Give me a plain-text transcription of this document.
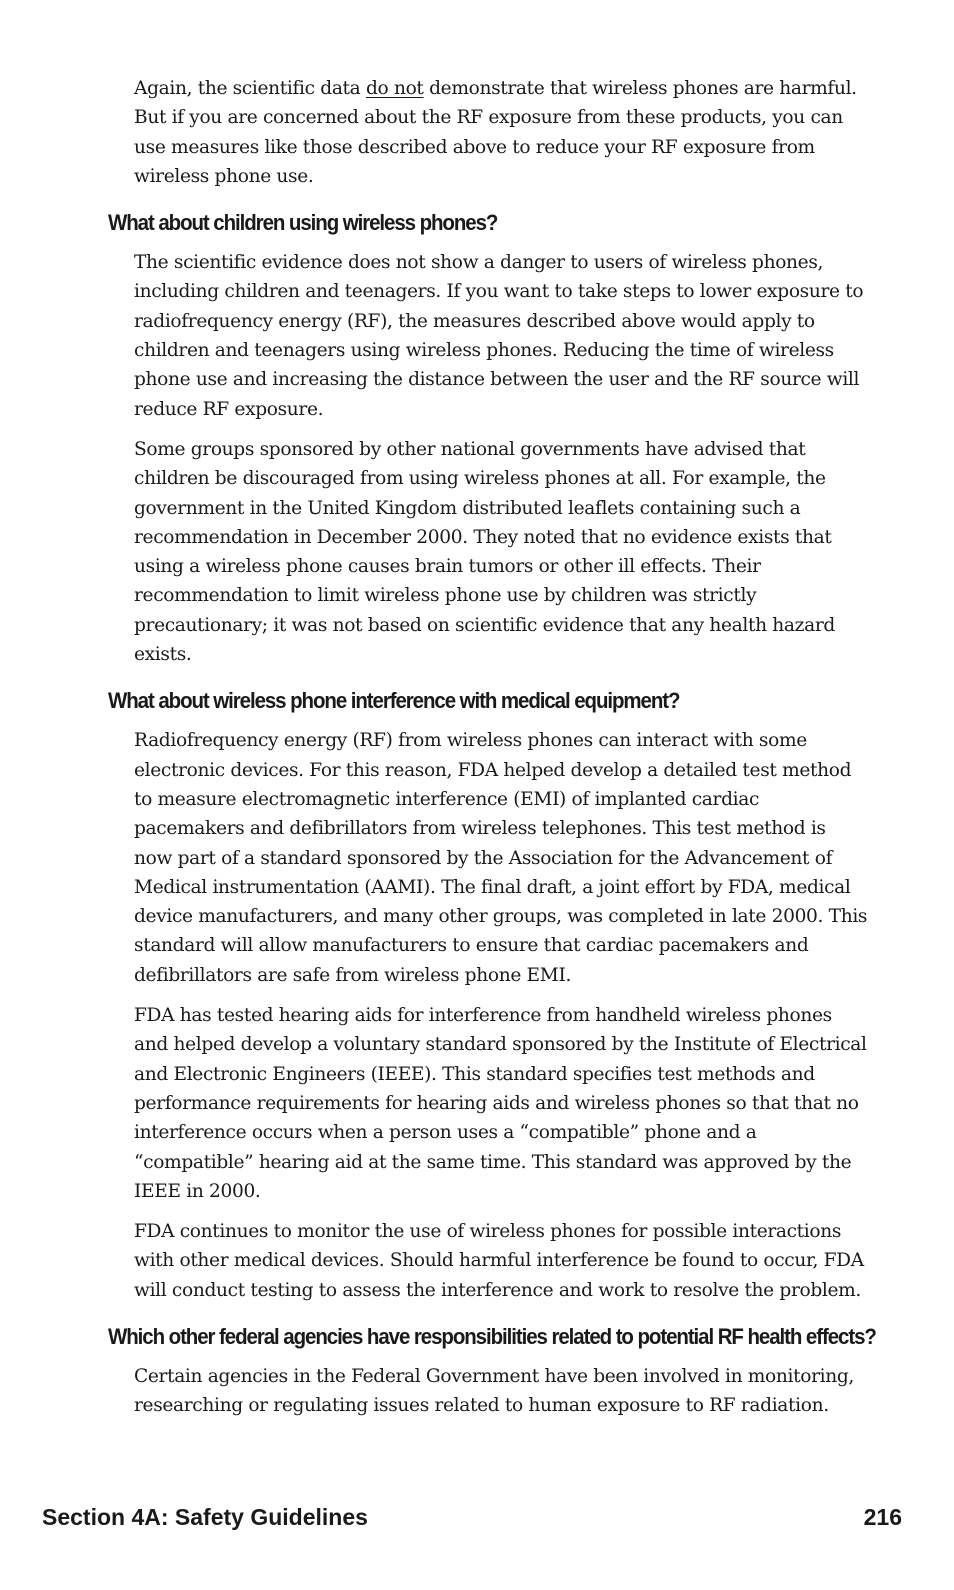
Again, the scientific data do not demonstrate that wireless phones are harmful. But if you are concerned about the RF exposure from these products, you can use measures like those described above to reduce your RF exposure from wireless phone use.

What about children using wireless phones?

The scientific evidence does not show a danger to users of wireless phones, including children and teenagers. If you want to take steps to lower exposure to radiofrequency energy (RF), the measures described above would apply to children and teenagers using wireless phones. Reducing the time of wireless phone use and increasing the distance between the user and the RF source will reduce RF exposure.

Some groups sponsored by other national governments have advised that children be discouraged from using wireless phones at all. For example, the government in the United Kingdom distributed leaflets containing such a recommendation in December 2000. They noted that no evidence exists that using a wireless phone causes brain tumors or other ill effects. Their recommendation to limit wireless phone use by children was strictly precautionary; it was not based on scientific evidence that any health hazard exists.

What about wireless phone interference with medical equipment?

Radiofrequency energy (RF) from wireless phones can interact with some electronic devices. For this reason, FDA helped develop a detailed test method to measure electromagnetic interference (EMI) of implanted cardiac pacemakers and defibrillators from wireless telephones. This test method is now part of a standard sponsored by the Association for the Advancement of Medical instrumentation (AAMI). The final draft, a joint effort by FDA, medical device manufacturers, and many other groups, was completed in late 2000. This standard will allow manufacturers to ensure that cardiac pacemakers and defibrillators are safe from wireless phone EMI.

FDA has tested hearing aids for interference from handheld wireless phones and helped develop a voluntary standard sponsored by the Institute of Electrical and Electronic Engineers (IEEE). This standard specifies test methods and performance requirements for hearing aids and wireless phones so that that no interference occurs when a person uses a “compatible” phone and a “compatible” hearing aid at the same time. This standard was approved by the IEEE in 2000.

FDA continues to monitor the use of wireless phones for possible interactions with other medical devices. Should harmful interference be found to occur, FDA will conduct testing to assess the interference and work to resolve the problem.

Which other federal agencies have responsibilities related to potential RF health effects?

Certain agencies in the Federal Government have been involved in monitoring, researching or regulating issues related to human exposure to RF radiation.

Section 4A: Safety Guidelines	216
